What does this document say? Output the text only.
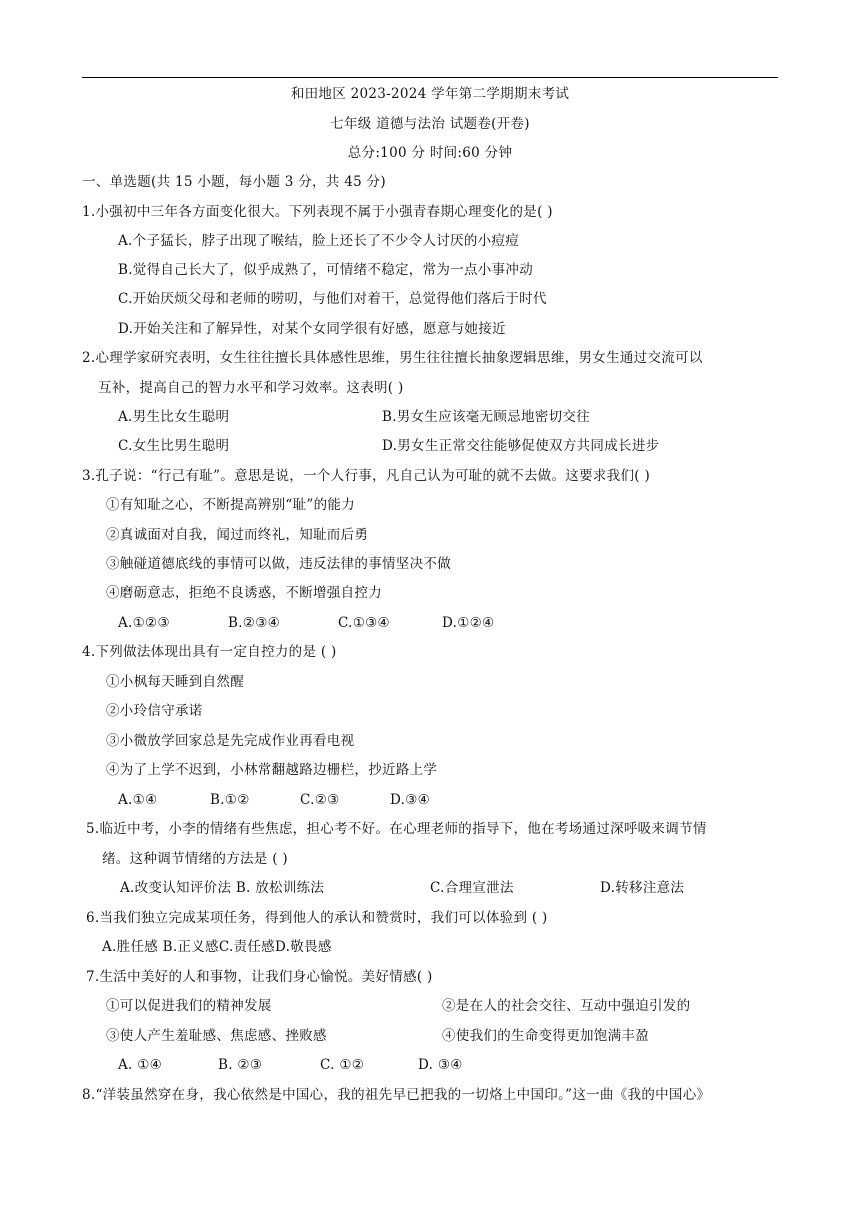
和田地区 2023-2024 学年第二学期期末考试
七年级 道德与法治 试题卷(开卷)
总分:100 分 时间:60 分钟
一、单选题(共 15 小题，每小题 3 分，共 45 分)
1.小强初中三年各方面变化很大。下列表现不属于小强青春期心理变化的是( )
A.个子猛长，脖子出现了喉结，脸上还长了不少令人讨厌的小痘痘
B.觉得自己长大了，似乎成熟了，可情绪不稳定，常为一点小事冲动
C.开始厌烦父母和老师的唠叨，与他们对着干，总觉得他们落后于时代
D.开始关注和了解异性，对某个女同学很有好感，愿意与她接近
2.心理学家研究表明，女生往往擅长具体感性思维，男生往往擅长抽象逻辑思维，男女生通过交流可以
互补，提高自己的智力水平和学习效率。这表明( )
A.男生比女生聪明	B.男女生应该毫无顾忌地密切交往
C.女生比男生聪明	D.男女生正常交往能够促使双方共同成长进步
3.孔子说：“行己有耻”。意思是说，一个人行事，凡自己认为可耻的就不去做。这要求我们( )
①有知耻之心，不断提高辨别“耻”的能力
②真诚面对自我，闻过而终礼，知耻而后勇
③触碰道德底线的事情可以做，违反法律的事情坚决不做
④磨砺意志，拒绝不良诱惑，不断增强自控力
A.①②③	B.②③④	C.①③④	D.①②④
4.下列做法体现出具有一定自控力的是 ( )
①小枫每天睡到自然醒
②小玲信守承诺
③小微放学回家总是先完成作业再看电视
④为了上学不迟到，小林常翻越路边栅栏，抄近路上学
A.①④	B.①②	C.②③	D.③④
5.临近中考，小李的情绪有些焦虑，担心考不好。在心理老师的指导下，他在考场通过深呼吸来调节情
绪。这种调节情绪的方法是 ( )
A.改变认知评价法 B. 放松训练法	C.合理宣泄法	D.转移注意法
6.当我们独立完成某项任务，得到他人的承认和赞赏时，我们可以体验到 ( )
A.胜任感 B.正义感C.责任感D.敬畏感
7.生活中美好的人和事物，让我们身心愉悦。美好情感( )
①可以促进我们的精神发展	②是在人的社会交往、互动中强迫引发的
③使人产生羞耻感、焦虑感、挫败感	④使我们的生命变得更加饱满丰盈
A. ①④	B. ②③	C. ①②	D. ③④
8.“洋装虽然穿在身，我心依然是中国心，我的祖先早已把我的一切烙上中国印。”这一曲《我的中国心》
